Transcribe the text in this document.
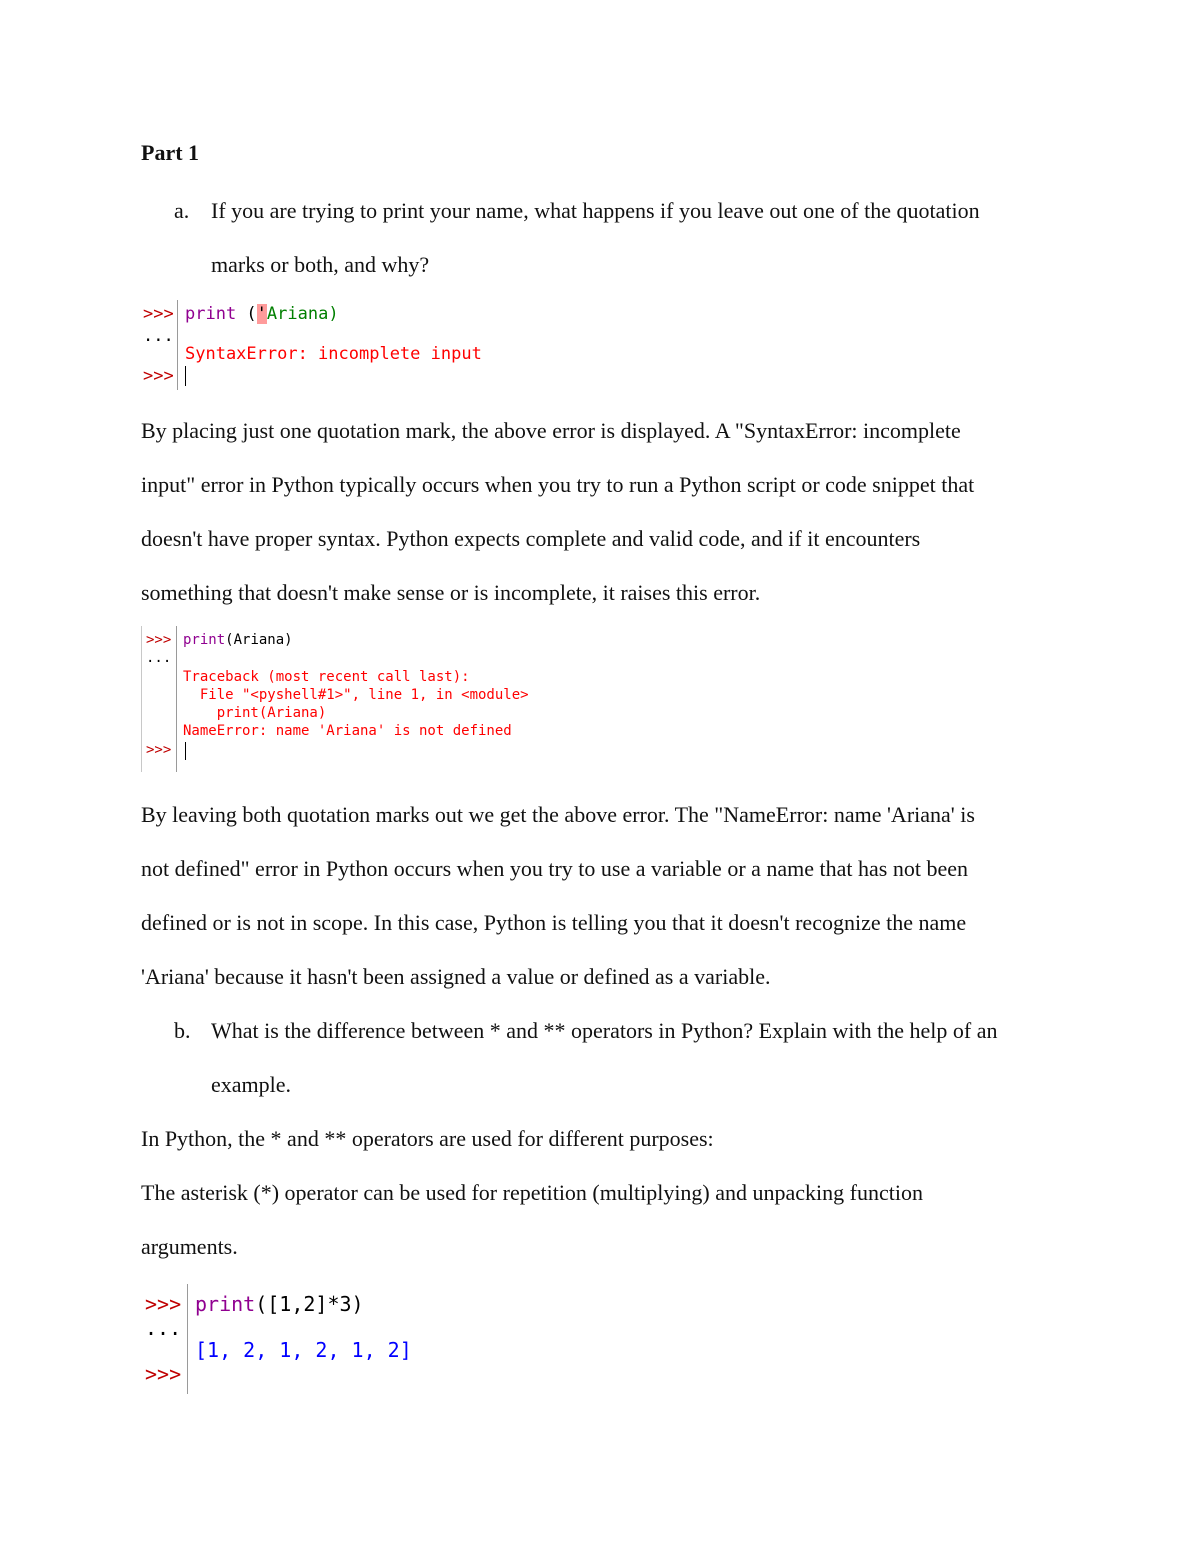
Part 1

a. If you are trying to print your name, what happens if you leave out one of the quotation

marks or both, and why?

>>>
...
>>>
print ('Ariana)
SyntaxError: incomplete input

By placing just one quotation mark, the above error is displayed. A "SyntaxError: incomplete

input" error in Python typically occurs when you try to run a Python script or code snippet that

doesn't have proper syntax. Python expects complete and valid code, and if it encounters

something that doesn't make sense or is incomplete, it raises this error.

>>>
...
>>>
print(Ariana)
Traceback (most recent call last):
File "<pyshell#1>", line 1, in <module>
print(Ariana)
NameError: name 'Ariana' is not defined

By leaving both quotation marks out we get the above error. The "NameError: name 'Ariana' is

not defined" error in Python occurs when you try to use a variable or a name that has not been

defined or is not in scope. In this case, Python is telling you that it doesn't recognize the name

'Ariana' because it hasn't been assigned a value or defined as a variable.

b. What is the difference between * and ** operators in Python? Explain with the help of an

example.

In Python, the * and ** operators are used for different purposes:

The asterisk (*) operator can be used for repetition (multiplying) and unpacking function

arguments.

>>>
...
>>>
print([1,2]*3)
[1, 2, 1, 2, 1, 2]
